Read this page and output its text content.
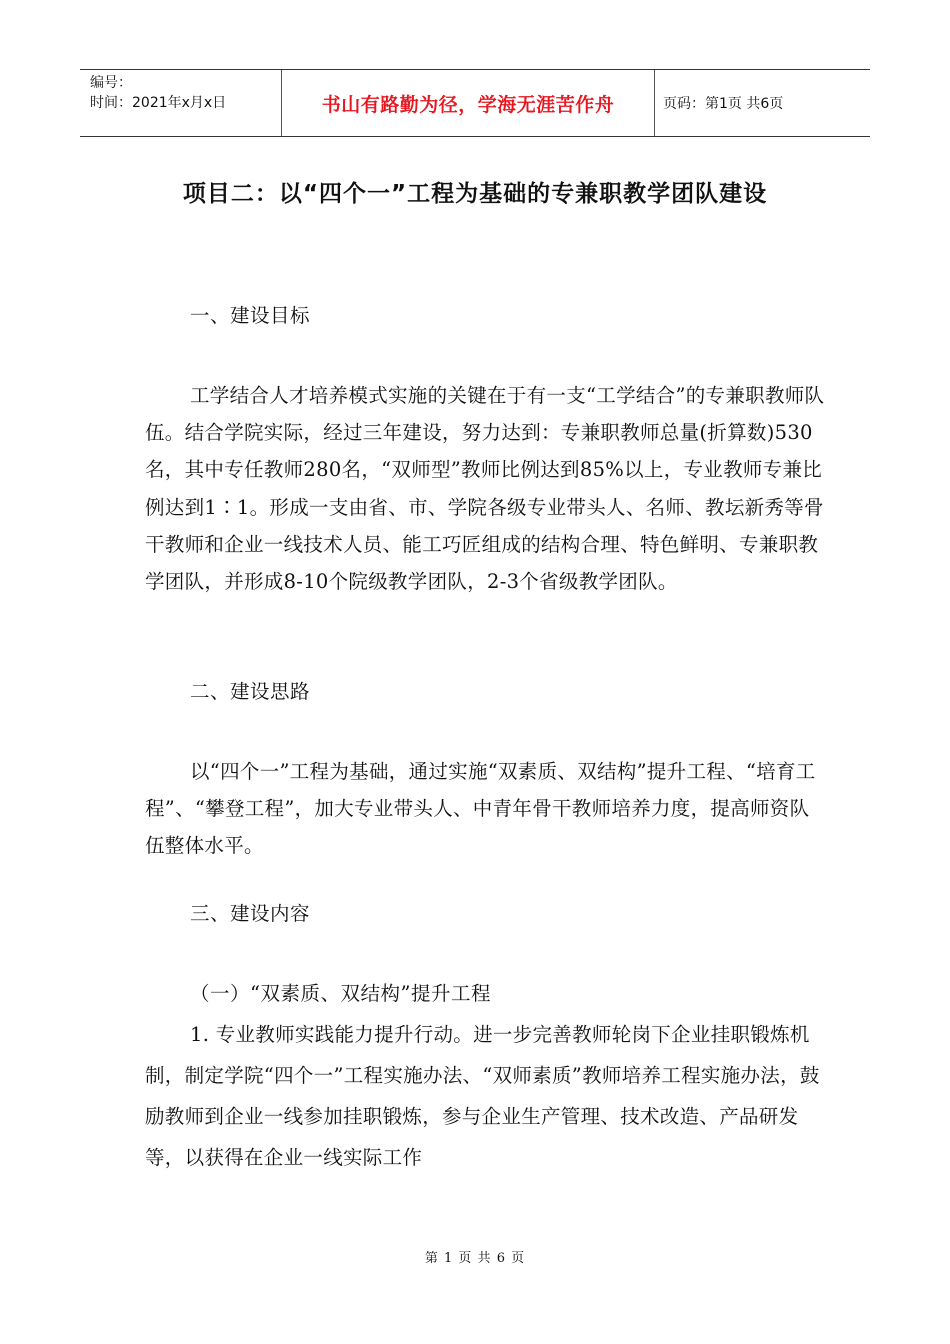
编号：
时间：2021年x月x日	书山有路勤为径，学海无涯苦作舟	页码：第1页 共6页
项目二：以“四个一”工程为基础的专兼职教学团队建设
一、建设目标

工学结合人才培养模式实施的关键在于有一支“工学结合”的专兼职教师队伍。结合学院实际，经过三年建设，努力达到：专兼职教师总量(折算数)530名，其中专任教师280名，“双师型”教师比例达到85%以上，专业教师专兼比例达到1∶1。形成一支由省、市、学院各级专业带头人、名师、教坛新秀等骨干教师和企业一线技术人员、能工巧匠组成的结构合理、特色鲜明、专兼职教学团队，并形成8-10个院级教学团队，2-3个省级教学团队。

二、建设思路

以“四个一”工程为基础，通过实施“双素质、双结构”提升工程、“培育工程”、“攀登工程”，加大专业带头人、中青年骨干教师培养力度，提高师资队伍整体水平。

三、建设内容
（一）“双素质、双结构”提升工程

1. 专业教师实践能力提升行动。进一步完善教师轮岗下企业挂职锻炼机制，制定学院“四个一”工程实施办法、“双师素质”教师培养工程实施办法，鼓励教师到企业一线参加挂职锻炼，参与企业生产管理、技术改造、产品研发等，以获得在企业一线实际工作

第 1 页 共 6 页
